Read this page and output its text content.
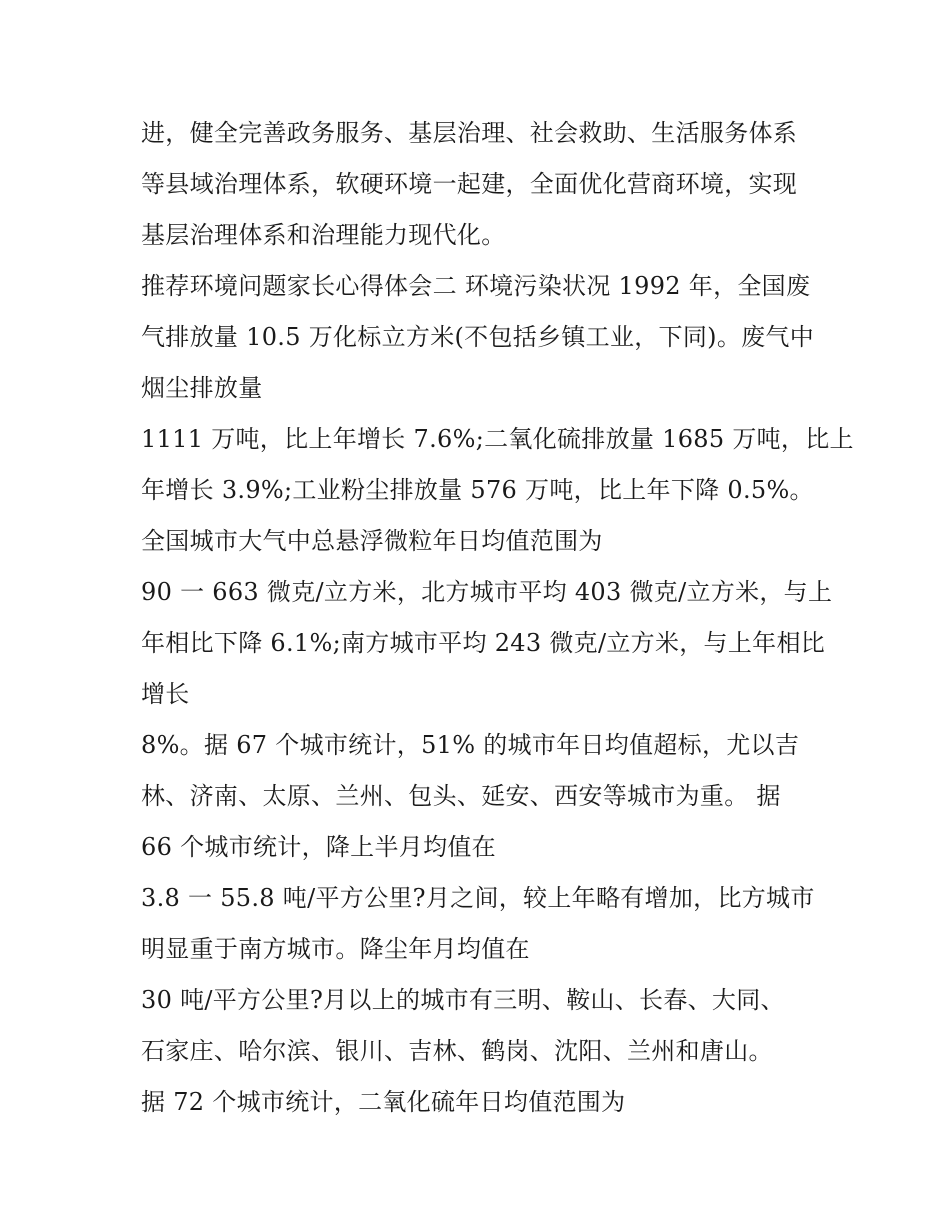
进，健全完善政务服务、基层治理、社会救助、生活服务体系
等县域治理体系，软硬环境一起建，全面优化营商环境，实现
基层治理体系和治理能力现代化。
推荐环境问题家长心得体会二 环境污染状况 1992 年，全国废
气排放量 10.5 万化标立方米(不包括乡镇工业，下同)。废气中
烟尘排放量
1111 万吨，比上年增长 7.6%;二氧化硫排放量 1685 万吨，比上
年增长 3.9%;工业粉尘排放量 576 万吨，比上年下降 0.5%。
全国城市大气中总悬浮微粒年日均值范围为
90 一 663 微克/立方米，北方城市平均 403 微克/立方米，与上
年相比下降 6.1%;南方城市平均 243 微克/立方米，与上年相比
增长
8%。据 67 个城市统计，51% 的城市年日均值超标，尤以吉
林、济南、太原、兰州、包头、延安、西安等城市为重。 据
66 个城市统计，降上半月均值在
3.8 一 55.8 吨/平方公里?月之间，较上年略有增加，比方城市
明显重于南方城市。降尘年月均值在
30 吨/平方公里?月以上的城市有三明、鞍山、长春、大同、
石家庄、哈尔滨、银川、吉林、鹤岗、沈阳、兰州和唐山。
据 72 个城市统计，二氧化硫年日均值范围为
